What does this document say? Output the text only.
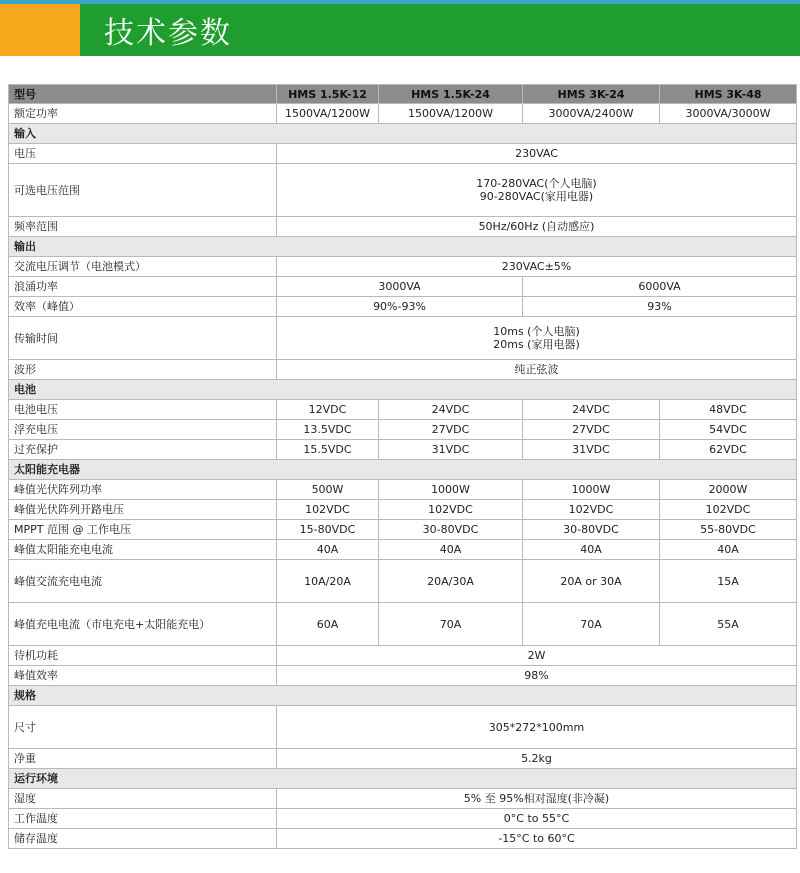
技术参数
型号	HMS 1.5K-12	HMS 1.5K-24	HMS 3K-24	HMS 3K-48
额定功率	1500VA/1200W	1500VA/1200W	3000VA/2400W	3000VA/3000W
输入				
电压	230VAC			
可选电压范围	170-280VAC(个人电脑)
90-280VAC(家用电器)			

频率范围	50Hz/60Hz (自动感应)			
输出				
交流电压调节（电池模式）	230VAC±5%			
浪涌功率	3000VA		6000VA	
效率（峰值）	90%-93%		93%	
传输时间	10ms (个人电脑)
20ms (家用电器)			

波形	纯正弦波			
电池				
电池电压	12VDC	24VDC	24VDC	48VDC
浮充电压	13.5VDC	27VDC	27VDC	54VDC
过充保护	15.5VDC	31VDC	31VDC	62VDC
太阳能充电器				
峰值光伏阵列功率	500W	1000W	1000W	2000W
峰值光伏阵列开路电压	102VDC	102VDC	102VDC	102VDC
MPPT 范围 @ 工作电压	15-80VDC	30-80VDC	30-80VDC	55-80VDC
峰值太阳能充电电流	40A	40A	40A	40A
峰值交流充电电流	10A/20A	20A/30A	20A or 30A	15A
峰值充电电流（市电充电+太阳能充电）	60A	70A	70A	55A
待机功耗	2W			
峰值效率	98%			
规格				
尺寸	305*272*100mm			
净重	5.2kg			
运行环境				
湿度	5% 至 95%相对湿度(非冷凝)			
工作温度	0°C to 55°C			
储存温度	-15°C to 60°C			
